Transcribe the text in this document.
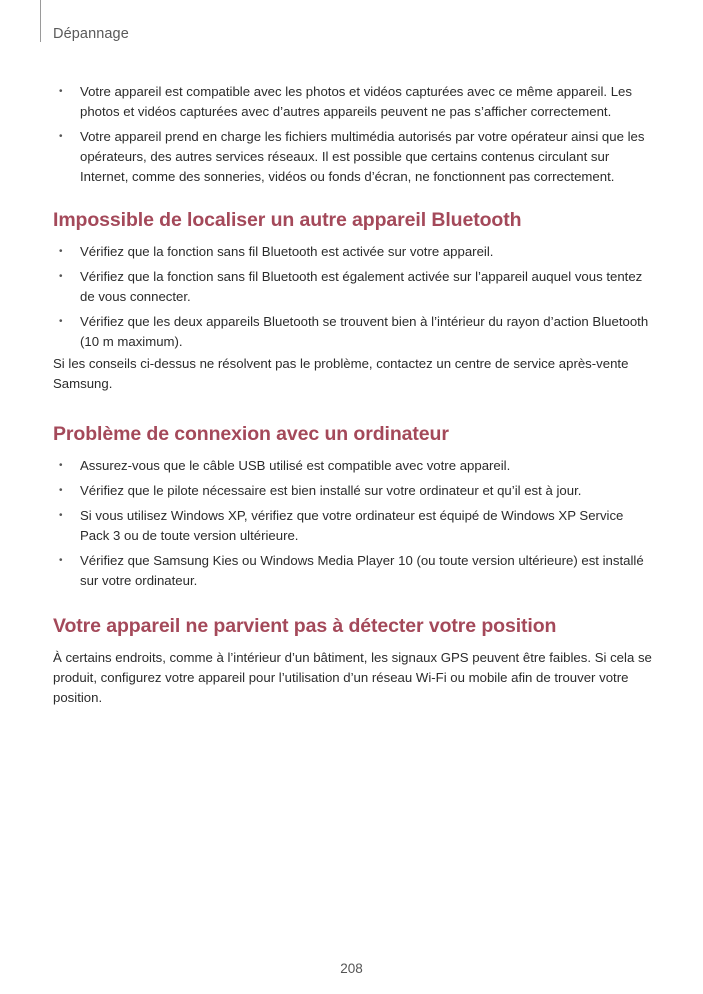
Dépannage
• Votre appareil est compatible avec les photos et vidéos capturées avec ce même appareil. Les photos et vidéos capturées avec d’autres appareils peuvent ne pas s’afficher correctement.
• Votre appareil prend en charge les fichiers multimédia autorisés par votre opérateur ainsi que les opérateurs, des autres services réseaux. Il est possible que certains contenus circulant sur Internet, comme des sonneries, vidéos ou fonds d’écran, ne fonctionnent pas correctement.
Impossible de localiser un autre appareil Bluetooth
• Vérifiez que la fonction sans fil Bluetooth est activée sur votre appareil.
• Vérifiez que la fonction sans fil Bluetooth est également activée sur l’appareil auquel vous tentez de vous connecter.
• Vérifiez que les deux appareils Bluetooth se trouvent bien à l’intérieur du rayon d’action Bluetooth (10 m maximum).

Si les conseils ci-dessus ne résolvent pas le problème, contactez un centre de service après-vente Samsung.

Problème de connexion avec un ordinateur
• Assurez-vous que le câble USB utilisé est compatible avec votre appareil.
• Vérifiez que le pilote nécessaire est bien installé sur votre ordinateur et qu’il est à jour.
• Si vous utilisez Windows XP, vérifiez que votre ordinateur est équipé de Windows XP Service Pack 3 ou de toute version ultérieure.
• Vérifiez que Samsung Kies ou Windows Media Player 10 (ou toute version ultérieure) est installé sur votre ordinateur.
Votre appareil ne parvient pas à détecter votre position

À certains endroits, comme à l’intérieur d’un bâtiment, les signaux GPS peuvent être faibles. Si cela se produit, configurez votre appareil pour l’utilisation d’un réseau Wi-Fi ou mobile afin de trouver votre position.

208
